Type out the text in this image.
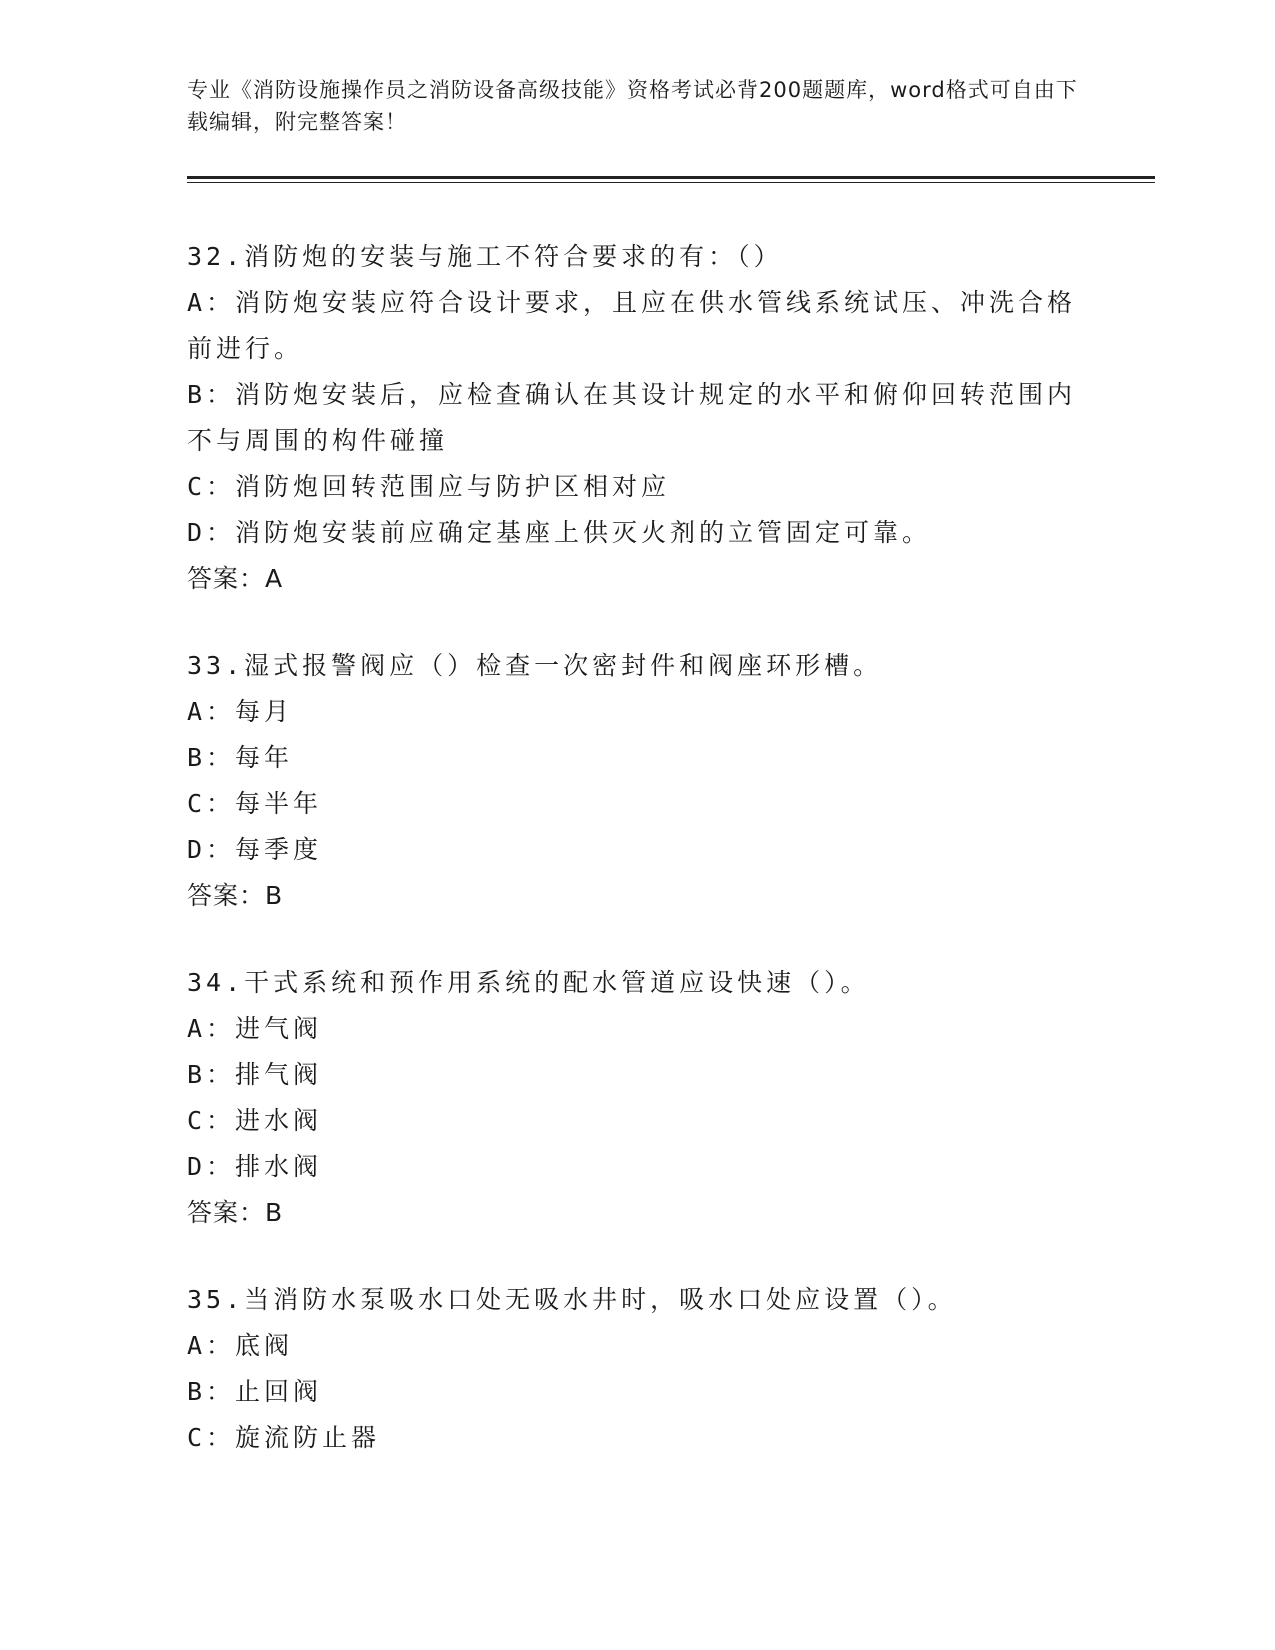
专业《消防设施操作员之消防设备高级技能》资格考试必背200题题库，word格式可自由下载编辑，附完整答案！
32.消防炮的安装与施工不符合要求的有：（）
A：消防炮安装应符合设计要求，且应在供水管线系统试压、冲洗合格前进行。
B：消防炮安装后，应检查确认在其设计规定的水平和俯仰回转范围内不与周围的构件碰撞
C：消防炮回转范围应与防护区相对应
D：消防炮安装前应确定基座上供灭火剂的立管固定可靠。
答案：A
33.湿式报警阀应（）检查一次密封件和阀座环形槽。
A：每月
B：每年
C：每半年
D：每季度
答案：B
34.干式系统和预作用系统的配水管道应设快速（）。
A：进气阀
B：排气阀
C：进水阀
D：排水阀
答案：B
35.当消防水泵吸水口处无吸水井时，吸水口处应设置（）。
A：底阀
B：止回阀
C：旋流防止器
